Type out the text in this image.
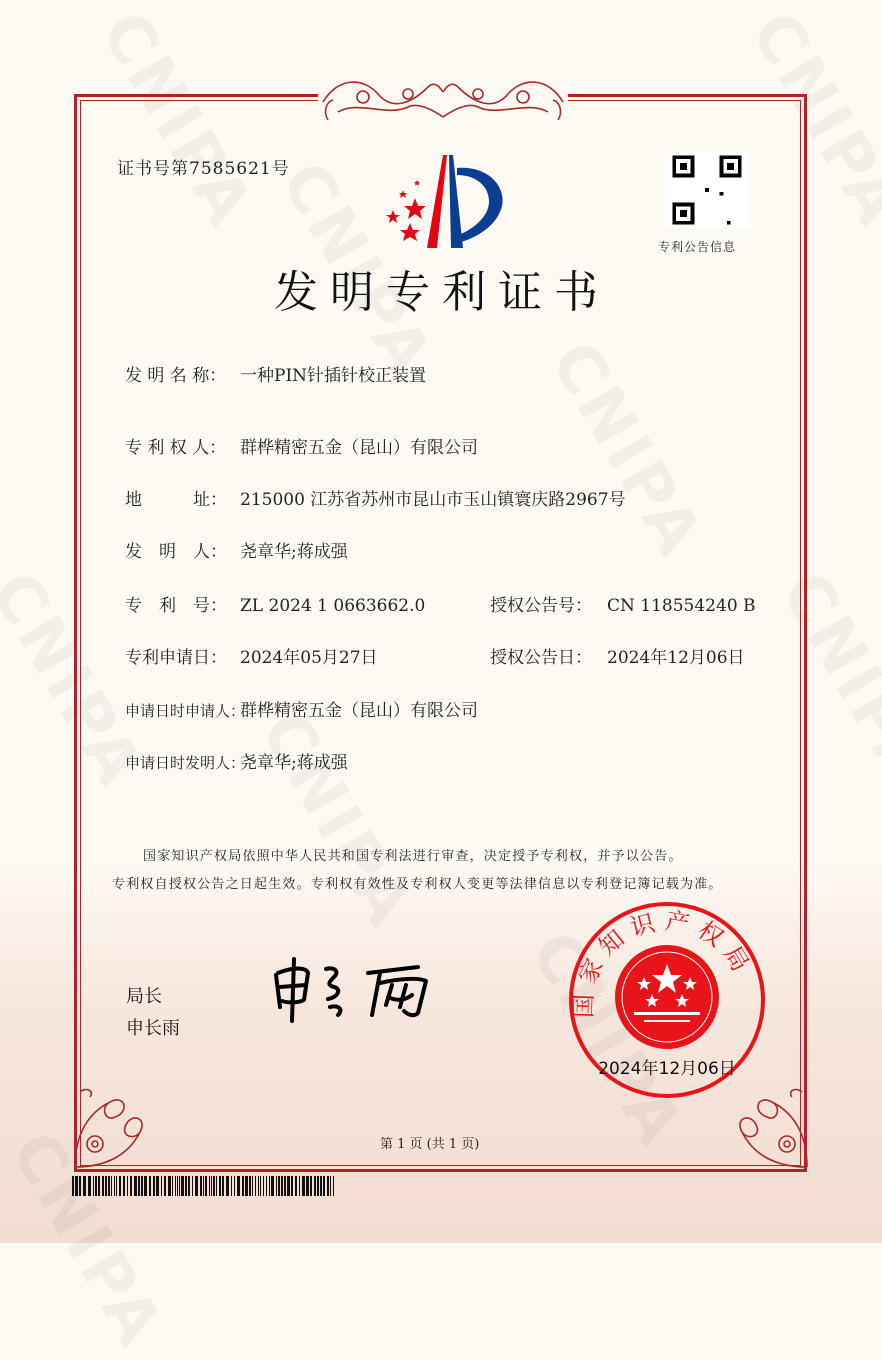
证书号第7585621号
专利公告信息
发明专利证书
发 明 名 称： 一种PIN针插针校正装置
专 利 权 人： 群桦精密五金（昆山）有限公司
地　　　址： 215000 江苏省苏州市昆山市玉山镇寰庆路2967号
发　明　人： 尧章华;蒋成强
专　利　号： ZL 2024 1 0663662.0	授权公告号： CN 118554240 B
专利申请日： 2024年05月27日	授权公告日： 2024年12月06日
申请日时申请人：
群桦精密五金（昆山）有限公司
申请日时发明人：
尧章华;蒋成强
国家知识产权局依照中华人民共和国专利法进行审查，决定授予专利权，并予以公告。
专利权自授权公告之日起生效。专利权有效性及专利权人变更等法律信息以专利登记簿记载为准。
局长
申长雨
国家知识产权局
2024年12月06日
第 1 页 (共 1 页)
